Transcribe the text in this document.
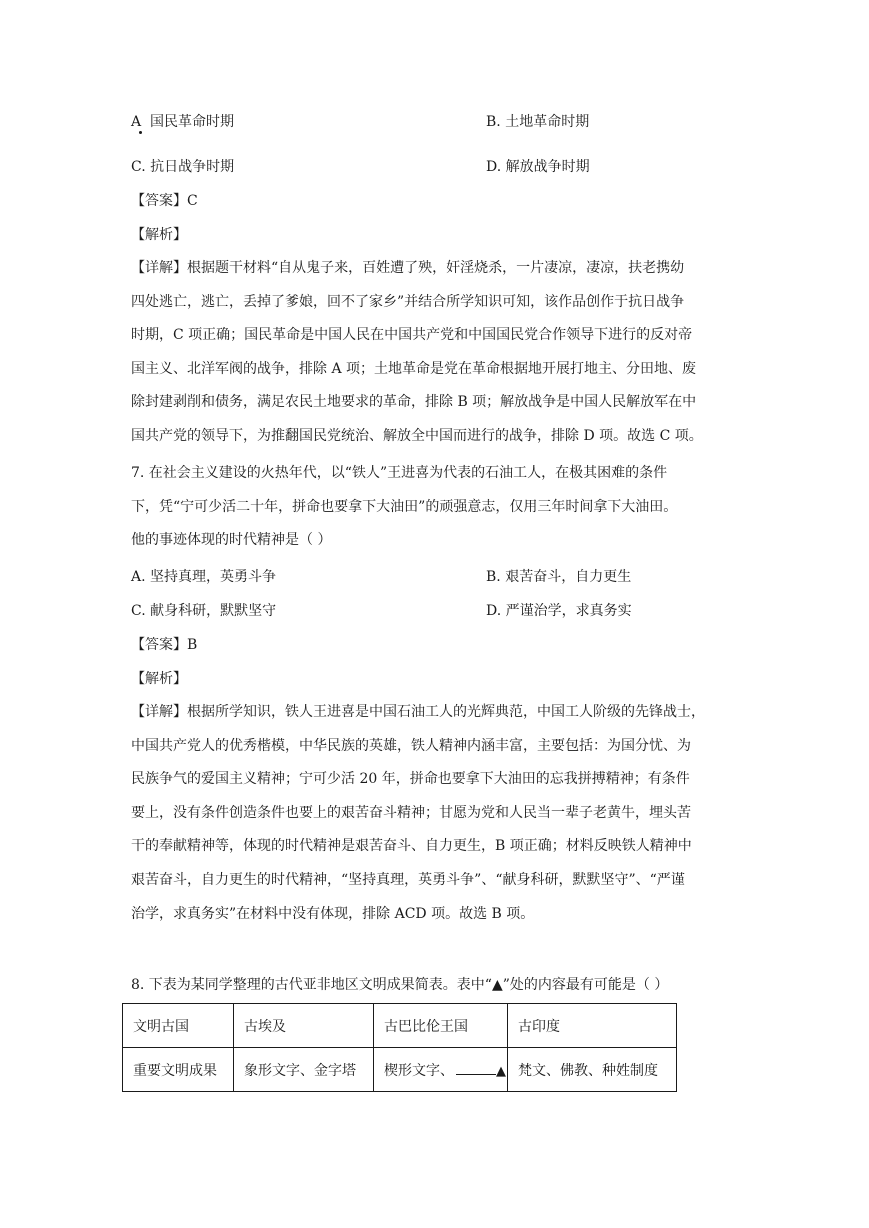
A 国民革命时期	B. 土地革命时期
C. 抗日战争时期	D. 解放战争时期
【答案】C
【解析】
【详解】根据题干材料“自从鬼子来，百姓遭了殃，奸淫烧杀，一片凄凉，凄凉，扶老携幼
四处逃亡，逃亡，丢掉了爹娘，回不了家乡”并结合所学知识可知，该作品创作于抗日战争
时期，C 项正确；国民革命是中国人民在中国共产党和中国国民党合作领导下进行的反对帝
国主义、北洋军阀的战争，排除 A 项；土地革命是党在革命根据地开展打地主、分田地、废
除封建剥削和债务，满足农民土地要求的革命，排除 B 项；解放战争是中国人民解放军在中
国共产党的领导下，为推翻国民党统治、解放全中国而进行的战争，排除 D 项。故选 C 项。
7. 在社会主义建设的火热年代，以“铁人”王进喜为代表的石油工人，在极其困难的条件
下，凭“宁可少活二十年，拼命也要拿下大油田”的顽强意志，仅用三年时间拿下大油田。
他的事迹体现的时代精神是（ ）
A. 坚持真理，英勇斗争	B. 艰苦奋斗，自力更生
C. 献身科研，默默坚守	D. 严谨治学，求真务实
【答案】B
【解析】
【详解】根据所学知识，铁人王进喜是中国石油工人的光辉典范，中国工人阶级的先锋战士，
中国共产党人的优秀楷模，中华民族的英雄，铁人精神内涵丰富，主要包括：为国分忧、为
民族争气的爱国主义精神；宁可少活 20 年，拼命也要拿下大油田的忘我拼搏精神；有条件
要上，没有条件创造条件也要上的艰苦奋斗精神；甘愿为党和人民当一辈子老黄牛，埋头苦
干的奉献精神等，体现的时代精神是艰苦奋斗、自力更生，B 项正确；材料反映铁人精神中
艰苦奋斗，自力更生的时代精神，“坚持真理，英勇斗争”、“献身科研，默默坚守”、“严谨
治学，求真务实”在材料中没有体现，排除 ACD 项。故选 B 项。
8. 下表为某同学整理的古代亚非地区文明成果简表。表中“▲”处的内容最有可能是（ ）
文明古国	古埃及	古巴比伦王国	古印度
重要文明成果	象形文字、金字塔	楔形文字、 ▲	梵文、佛教、种姓制度
